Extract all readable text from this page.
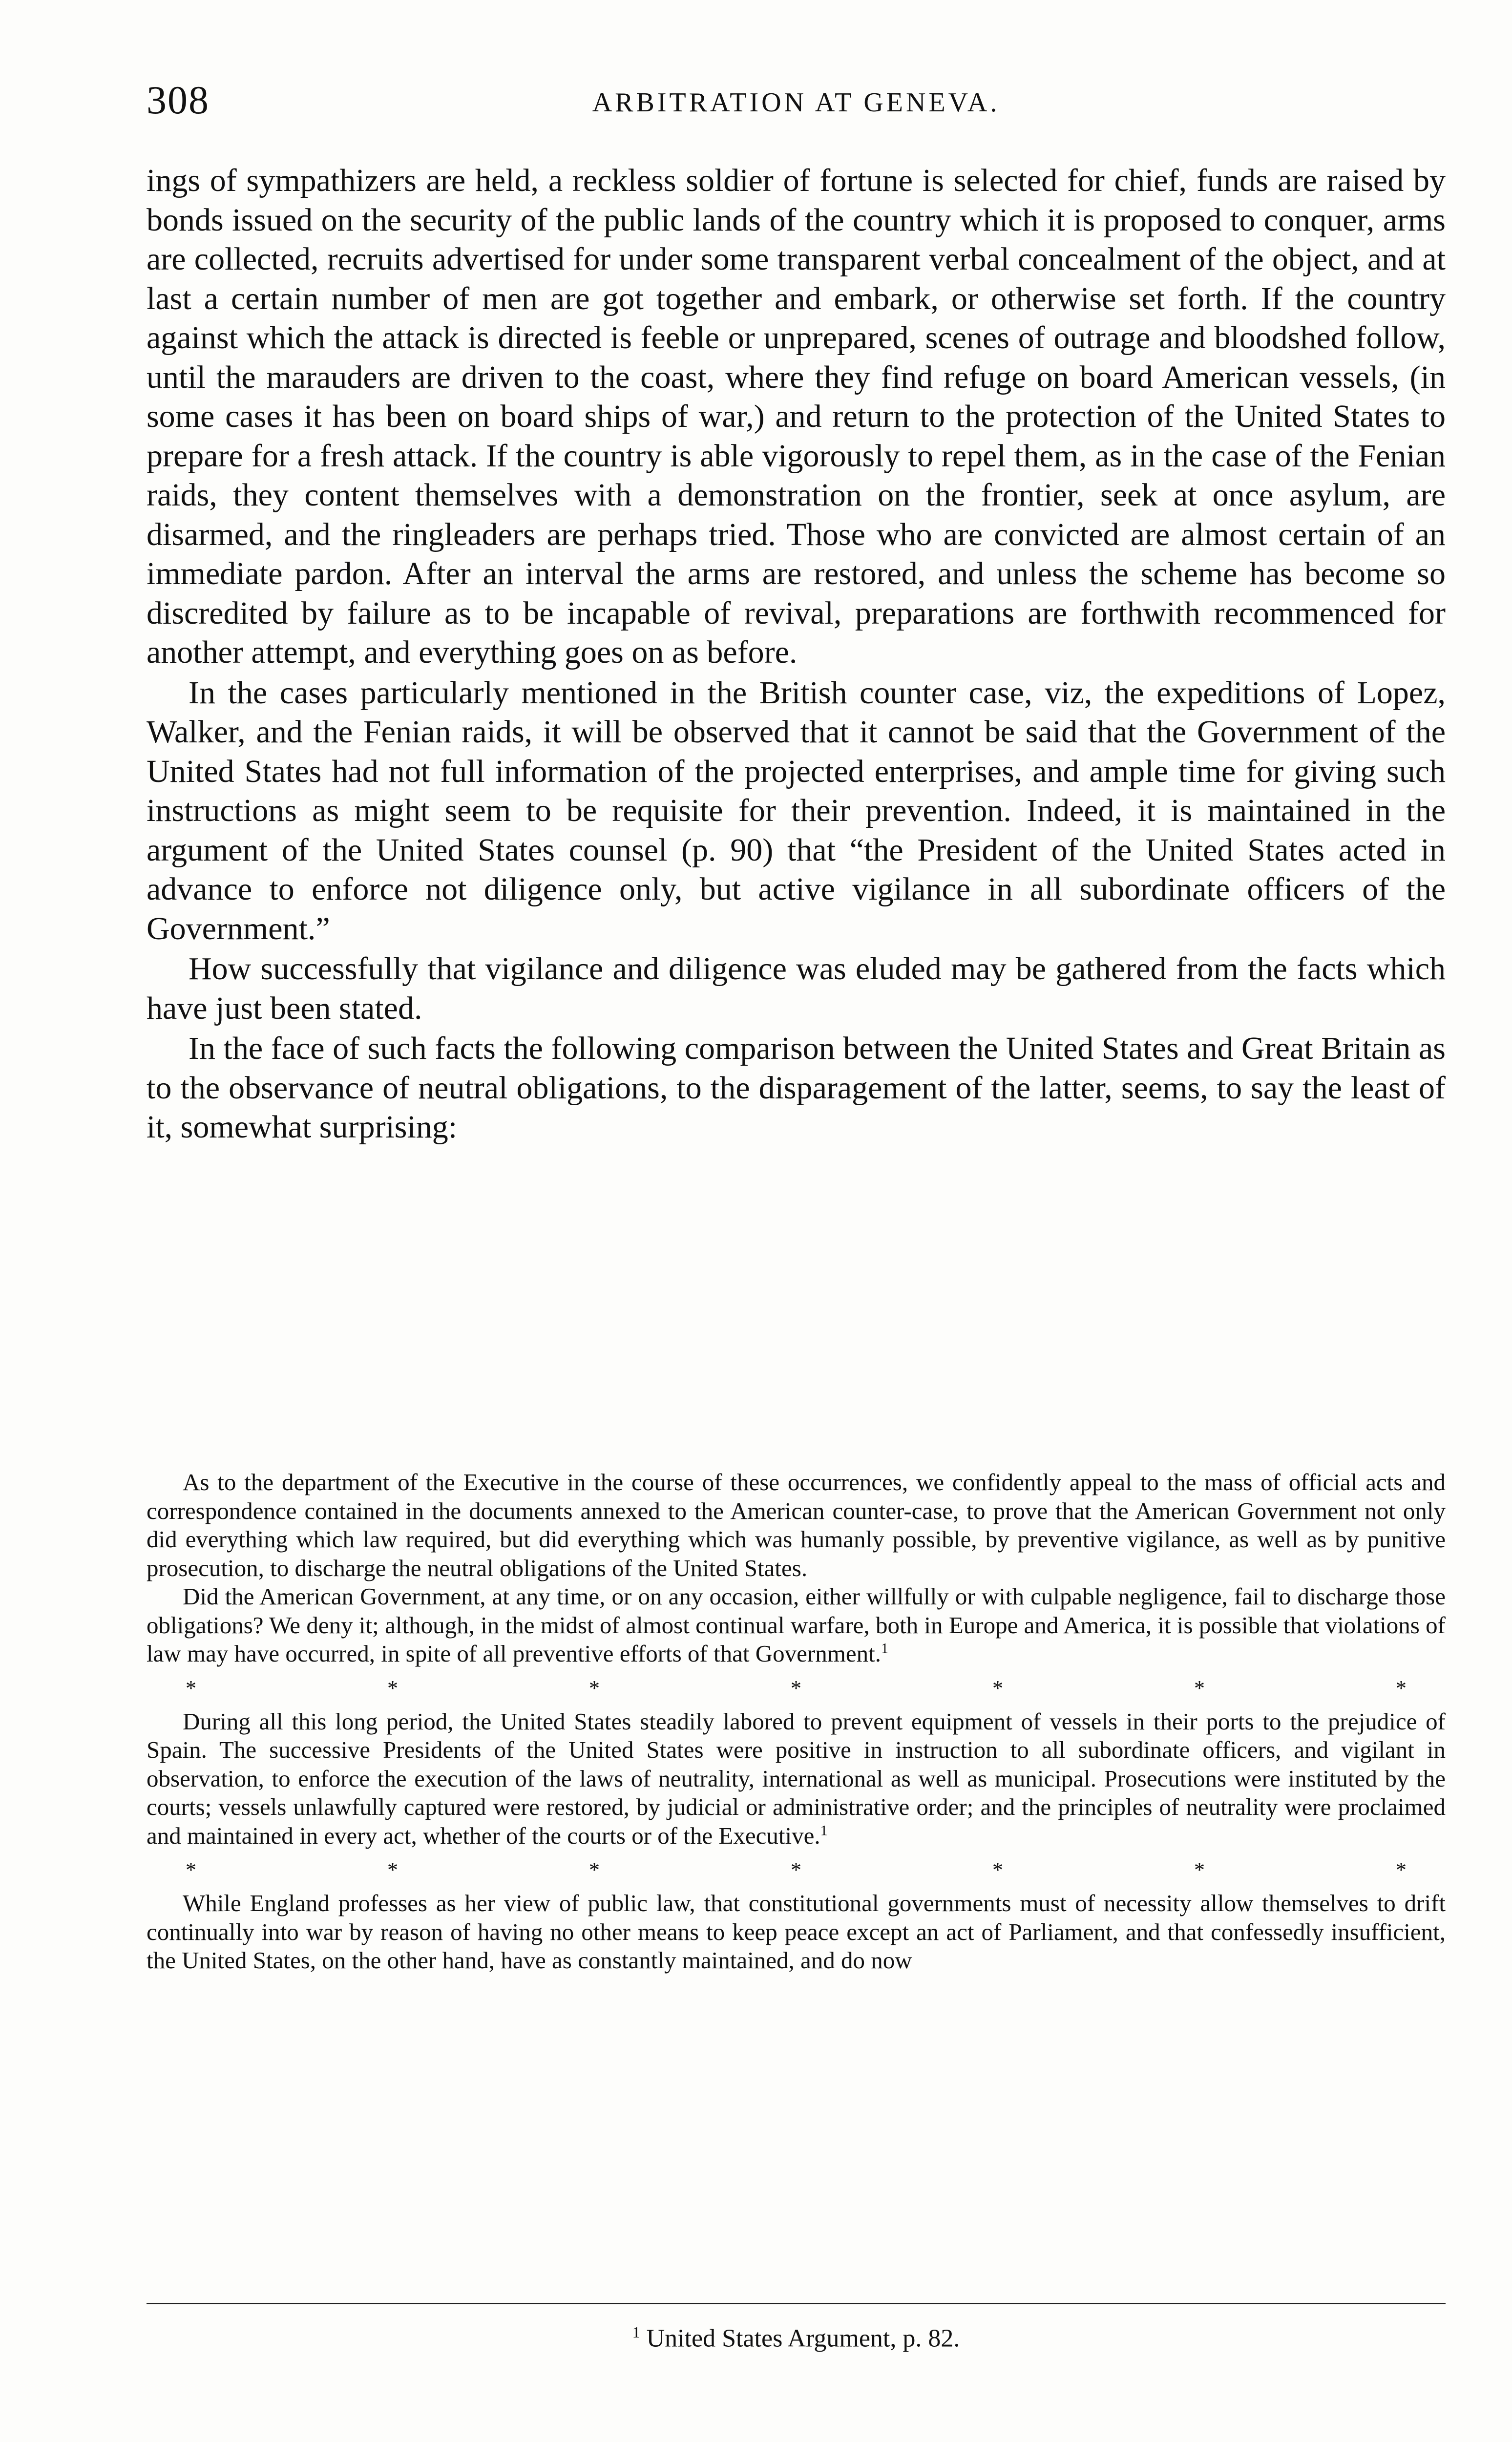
308	ARBITRATION AT GENEVA.

ings of sympathizers are held, a reckless soldier of fortune is selected for chief, funds are raised by bonds issued on the security of the public lands of the country which it is proposed to conquer, arms are collected, recruits advertised for under some transparent verbal concealment of the object, and at last a certain number of men are got together and embark, or otherwise set forth. If the country against which the attack is directed is feeble or unprepared, scenes of outrage and bloodshed follow, until the marauders are driven to the coast, where they find refuge on board American vessels, (in some cases it has been on board ships of war,) and return to the protection of the United States to prepare for a fresh attack. If the country is able vigorously to repel them, as in the case of the Fenian raids, they content themselves with a demonstration on the frontier, seek at once asylum, are disarmed, and the ringleaders are perhaps tried. Those who are convicted are almost certain of an immediate pardon. After an interval the arms are restored, and unless the scheme has become so discredited by failure as to be incapable of revival, preparations are forthwith recommenced for another attempt, and everything goes on as before.

In the cases particularly mentioned in the British counter case, viz, the expeditions of Lopez, Walker, and the Fenian raids, it will be observed that it cannot be said that the Government of the United States had not full information of the projected enterprises, and ample time for giving such instructions as might seem to be requisite for their prevention. Indeed, it is maintained in the argument of the United States counsel (p. 90) that “the President of the United States acted in advance to enforce not diligence only, but active vigilance in all subordinate officers of the Government.”

How successfully that vigilance and diligence was eluded may be gathered from the facts which have just been stated.

In the face of such facts the following comparison between the United States and Great Britain as to the observance of neutral obligations, to the disparagement of the latter, seems, to say the least of it, somewhat surprising:

As to the department of the Executive in the course of these occurrences, we confidently appeal to the mass of official acts and correspondence contained in the documents annexed to the American counter-case, to prove that the American Government not only did everything which law required, but did everything which was humanly possible, by preventive vigilance, as well as by punitive prosecution, to discharge the neutral obligations of the United States.

Did the American Government, at any time, or on any occasion, either willfully or with culpable negligence, fail to discharge those obligations? We deny it; although, in the midst of almost continual warfare, both in Europe and America, it is possible that violations of law may have occurred, in spite of all preventive efforts of that Government.$^1$

*	*	*	*	*	*	*

During all this long period, the United States steadily labored to prevent equipment of vessels in their ports to the prejudice of Spain. The successive Presidents of the United States were positive in instruction to all subordinate officers, and vigilant in observation, to enforce the execution of the laws of neutrality, international as well as municipal. Prosecutions were instituted by the courts; vessels unlawfully captured were restored, by judicial or administrative order; and the principles of neutrality were proclaimed and maintained in every act, whether of the courts or of the Executive.$^1$

*	*	*	*	*	*	*

While England professes as her view of public law, that constitutional governments must of necessity allow themselves to drift continually into war by reason of having no other means to keep peace except an act of Parliament, and that confessedly insufficient, the United States, on the other hand, have as constantly maintained, and do now

$^1$ United States Argument, p. 82.
